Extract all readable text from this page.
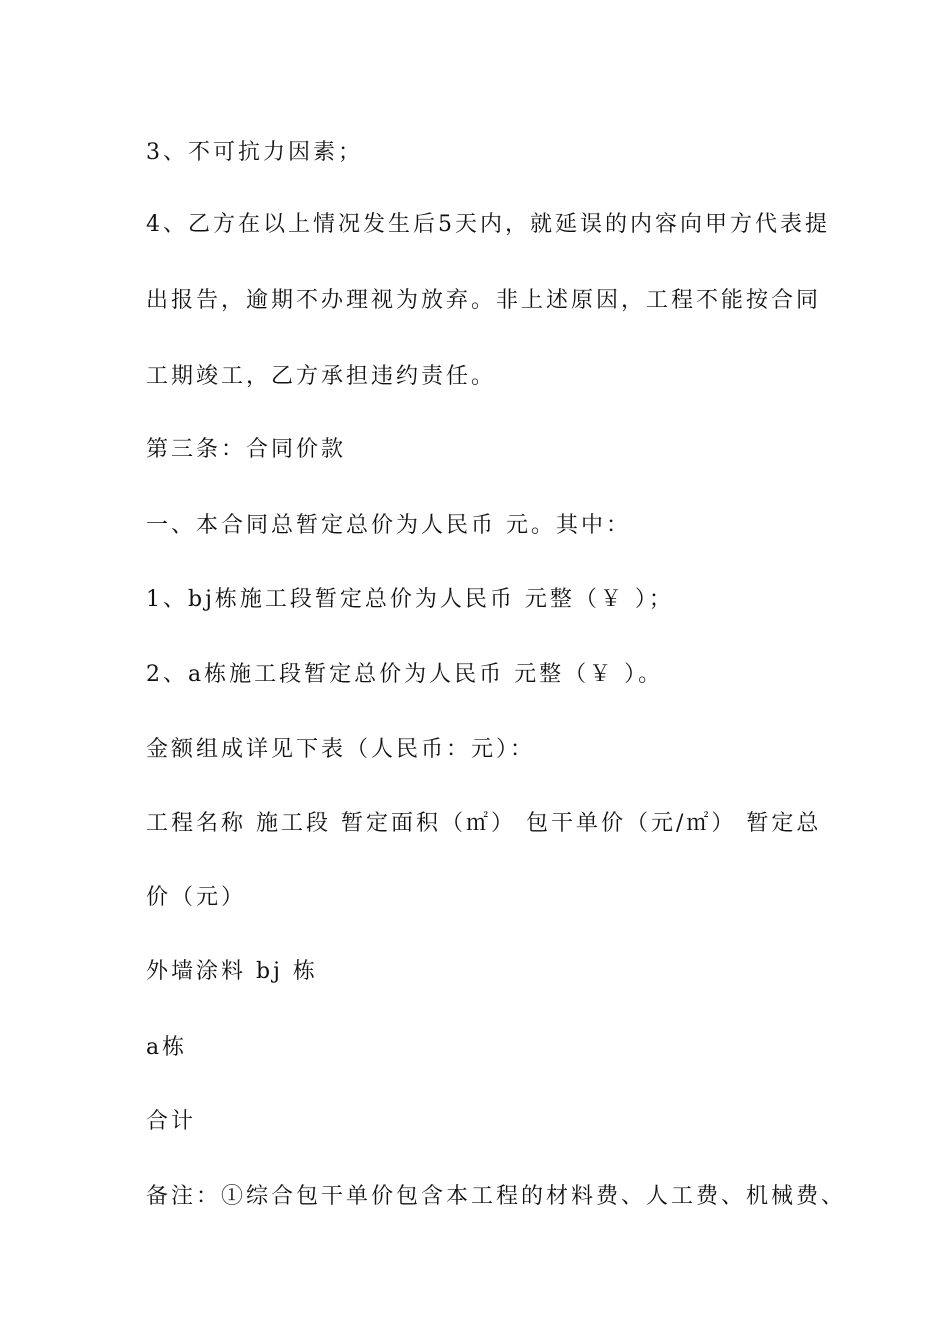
3、不可抗力因素；
4、乙方在以上情况发生后5天内，就延误的内容向甲方代表提
出报告，逾期不办理视为放弃。非上述原因，工程不能按合同
工期竣工，乙方承担违约责任。
第三条：合同价款
一、本合同总暂定总价为人民币 元。其中：
1、bj栋施工段暂定总价为人民币 元整（￥ ）；
2、a栋施工段暂定总价为人民币 元整（￥ ）。
金额组成详见下表（人民币：元）：
工程名称 施工段 暂定面积（㎡） 包干单价（元/㎡） 暂定总
价（元）
外墙涂料 bj 栋
a栋
合计
备注：①综合包干单价包含本工程的材料费、人工费、机械费、
